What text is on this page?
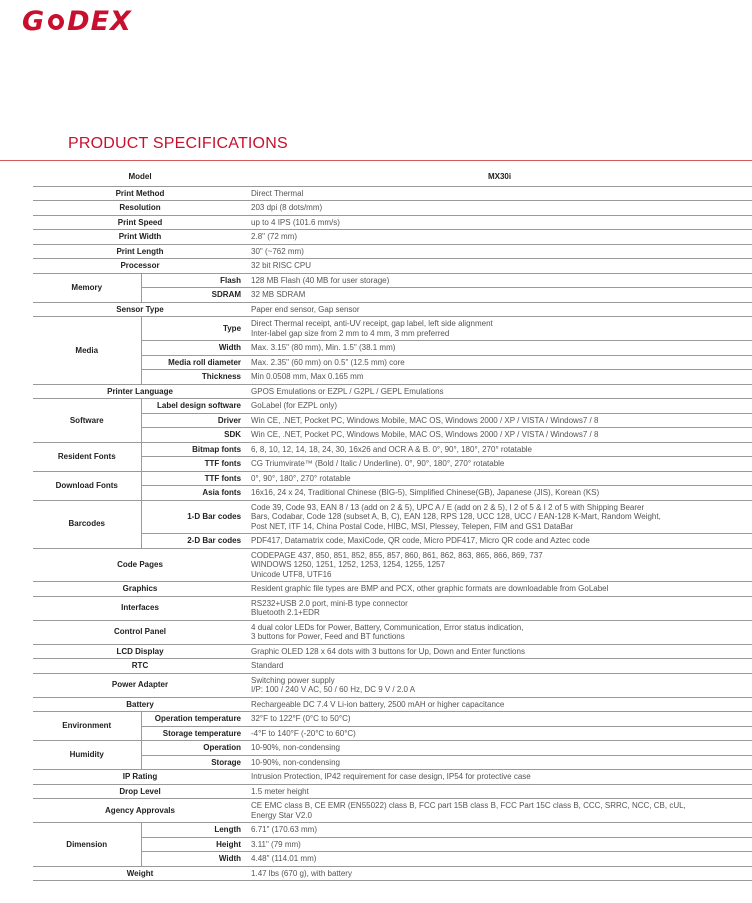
G DEX
PRODUCT SPECIFICATIONS
Model		MX30i
Print Method		Direct Thermal
Resolution		203 dpi (8 dots/mm)
Print Speed		up to 4 IPS (101.6 mm/s)
Print Width		2.8" (72 mm)
Print Length		30" (~762 mm)
Processor		32 bit RISC CPU
Memory	Flash	128 MB Flash (40 MB for user storage)
	SDRAM	32 MB SDRAM
Sensor Type		Paper end sensor, Gap sensor
Media	Type	Direct Thermal receipt, anti-UV receipt, gap label, left side alignment
Inter-label gap size from 2 mm to 4 mm, 3 mm preferred

	Width	Max. 3.15" (80 mm), Min. 1.5" (38.1 mm)
	Media roll diameter	Max. 2.35" (60 mm) on 0.5" (12.5 mm) core
	Thickness	Min 0.0508 mm, Max 0.165 mm
Printer Language		GPOS Emulations or EZPL / G2PL / GEPL Emulations
Software	Label design software	GoLabel (for EZPL only)
	Driver	Win CE, .NET, Pocket PC, Windows Mobile, MAC OS, Windows 2000 / XP / VISTA / Windows7 / 8
	SDK	Win CE, .NET, Pocket PC, Windows Mobile, MAC OS, Windows 2000 / XP / VISTA / Windows7 / 8
Resident Fonts	Bitmap fonts	6, 8, 10, 12, 14, 18, 24, 30, 16x26 and OCR A & B. 0°, 90°, 180°, 270° rotatable
	TTF fonts	CG Triumvirate™ (Bold / Italic / Underline). 0°, 90°, 180°, 270° rotatable
Download Fonts	TTF fonts	0°, 90°, 180°, 270° rotatable
	Asia fonts	16x16, 24 x 24, Traditional Chinese (BIG-5), Simplified Chinese(GB), Japanese (JIS), Korean (KS)
Barcodes	1-D Bar codes	Code 39, Code 93, EAN 8 / 13 (add on 2 & 5), UPC A / E (add on 2 & 5), I 2 of 5 & I 2 of 5 with Shipping Bearer
Bars, Codabar, Code 128 (subset A, B, C), EAN 128, RPS 128, UCC 128, UCC / EAN-128 K-Mart, Random Weight,
Post NET, ITF 14, China Postal Code, HIBC, MSI, Plessey, Telepen, FIM and GS1 DataBar

	2-D Bar codes	PDF417, Datamatrix code, MaxiCode, QR code, Micro PDF417, Micro QR code and Aztec code
Code Pages		CODEPAGE 437, 850, 851, 852, 855, 857, 860, 861, 862, 863, 865, 866, 869, 737
WINDOWS 1250, 1251, 1252, 1253, 1254, 1255, 1257
Unicode UTF8, UTF16

Graphics		Resident graphic file types are BMP and PCX, other graphic formats are downloadable from GoLabel
Interfaces		RS232+USB 2.0 port, mini-B type connector
Bluetooth 2.1+EDR

Control Panel		4 dual color LEDs for Power, Battery, Communication, Error status indication,
3 buttons for Power, Feed and BT functions

LCD Display		Graphic OLED 128 x 64 dots with 3 buttons for Up, Down and Enter functions
RTC		Standard
Power Adapter		Switching power supply
I/P: 100 / 240 V AC, 50 / 60 Hz, DC 9 V / 2.0 A

Battery		Rechargeable DC 7.4 V Li-ion battery, 2500 mAH or higher capacitance
Environment	Operation temperature	32°F to 122°F (0°C to 50°C)
	Storage temperature	-4°F to 140°F (-20°C to 60°C)
Humidity	Operation	10-90%, non-condensing
	Storage	10-90%, non-condensing
IP Rating		Intrusion Protection, IP42 requirement for case design, IP54 for protective case
Drop Level		1.5 meter height
Agency Approvals		CE EMC class B, CE EMR (EN55022) class B, FCC part 15B class B, FCC Part 15C class B, CCC, SRRC, NCC, CB, cUL,
Energy Star V2.0

Dimension	Length	6.71" (170.63 mm)
	Height	3.11" (79 mm)
	Width	4.48" (114.01 mm)
Weight		1.47 lbs (670 g), with battery
